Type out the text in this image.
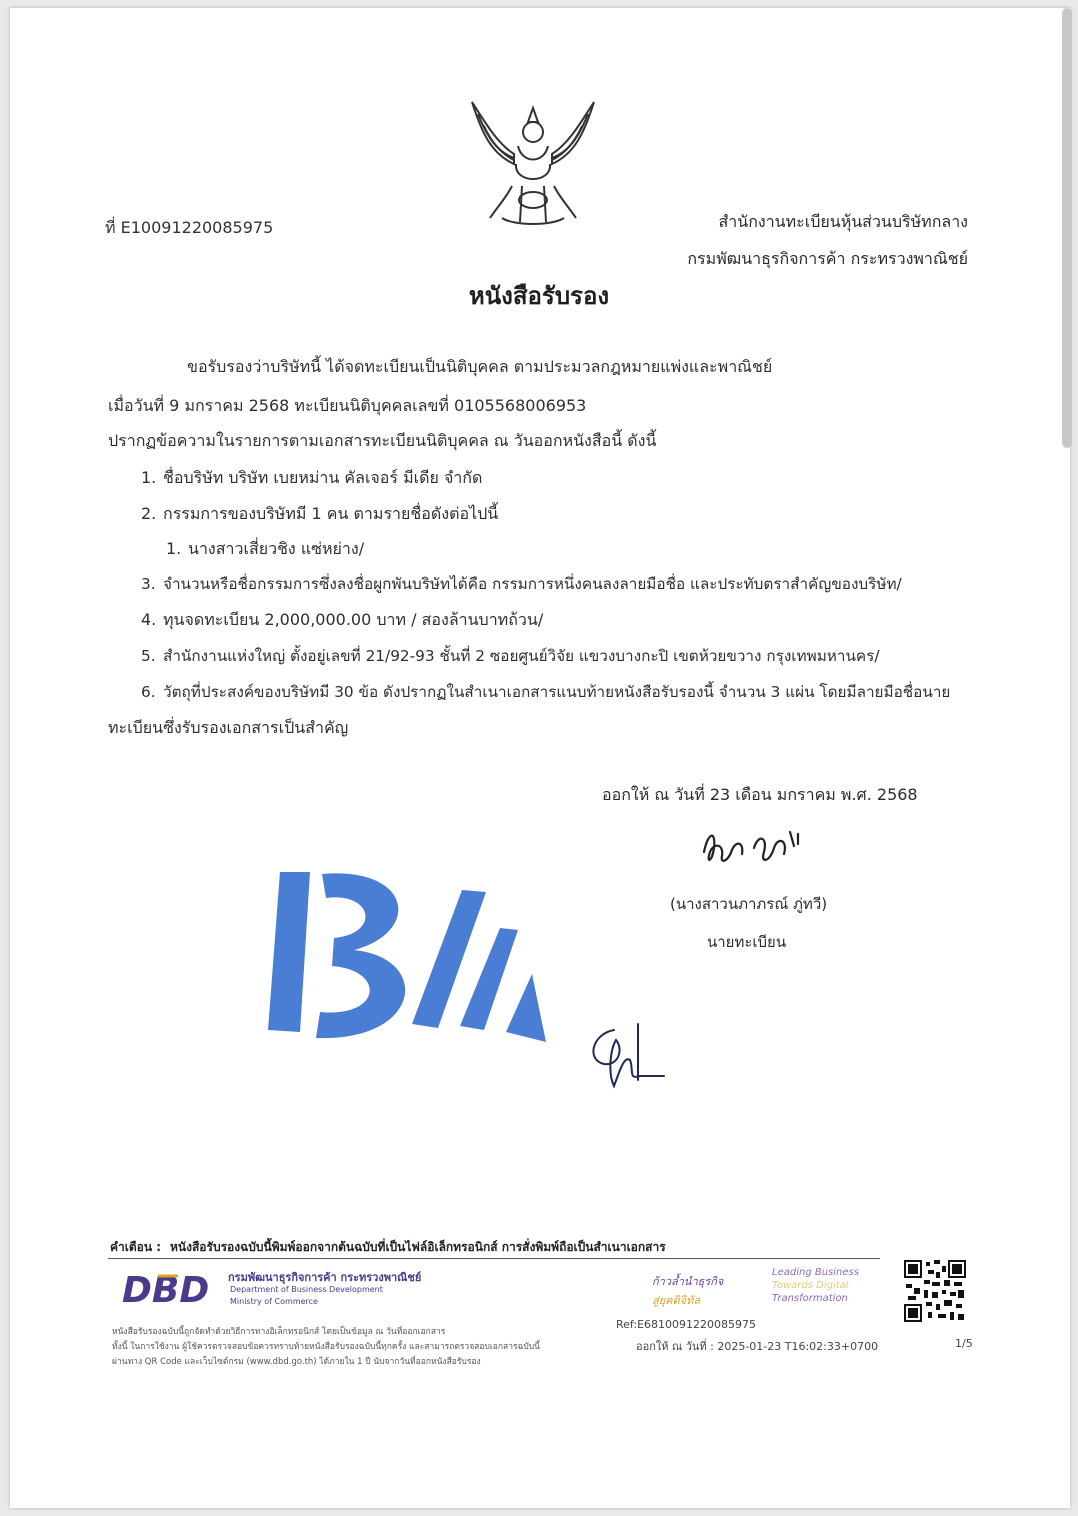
ที่ E10091220085975	สำนักงานทะเบียนหุ้นส่วนบริษัทกลาง
กรมพัฒนาธุรกิจการค้า กระทรวงพาณิชย์
หนังสือรับรอง
ขอรับรองว่าบริษัทนี้ ได้จดทะเบียนเป็นนิติบุคคล ตามประมวลกฎหมายแพ่งและพาณิชย์
เมื่อวันที่ 9 มกราคม 2568 ทะเบียนนิติบุคคลเลขที่ 0105568006953
ปรากฏข้อความในรายการตามเอกสารทะเบียนนิติบุคคล ณ วันออกหนังสือนี้ ดังนี้
1. ชื่อบริษัท บริษัท เบยหม่าน คัลเจอร์ มีเดีย จำกัด
2. กรรมการของบริษัทมี 1 คน ตามรายชื่อดังต่อไปนี้
1. นางสาวเสี่ยวชิง แซ่หย่าง/
3. จำนวนหรือชื่อกรรมการซึ่งลงชื่อผูกพันบริษัทได้คือ กรรมการหนึ่งคนลงลายมือชื่อ และประทับตราสำคัญของบริษัท/
4. ทุนจดทะเบียน 2,000,000.00 บาท / สองล้านบาทถ้วน/
5. สำนักงานแห่งใหญ่ ตั้งอยู่เลขที่ 21/92-93 ชั้นที่ 2 ซอยศูนย์วิจัย แขวงบางกะปิ เขตห้วยขวาง กรุงเทพมหานคร/
6. วัตถุที่ประสงค์ของบริษัทมี 30 ข้อ ดังปรากฏในสำเนาเอกสารแนบท้ายหนังสือรับรองนี้ จำนวน 3 แผ่น โดยมีลายมือชื่อนาย
ทะเบียนซึ่งรับรองเอกสารเป็นสำคัญ
ออกให้ ณ วันที่ 23 เดือน มกราคม พ.ศ. 2568
(นางสาวนภาภรณ์ ภู่ทวี)
นายทะเบียน
คำเตือน : หนังสือรับรองฉบับนี้พิมพ์ออกจากต้นฉบับที่เป็นไฟล์อิเล็กทรอนิกส์ การสั่งพิมพ์ถือเป็นสำเนาเอกสาร
DBD กรมพัฒนาธุรกิจการค้า กระทรวงพาณิชย์
Department of Business Development
Ministry of Commerce
ก้าวล้ำนำธุรกิจ
สู่ยุคดิจิทัล
Leading Business
Towards Digital
Transformation
หนังสือรับรองฉบับนี้ถูกจัดทำด้วยวิธีการทางอิเล็กทรอนิกส์ โดยเป็นข้อมูล ณ วันที่ออกเอกสาร
ทั้งนี้ ในการใช้งาน ผู้ใช้ควรตรวจสอบข้อควรทราบท้ายหนังสือรับรองฉบับนี้ทุกครั้ง และสามารถตรวจสอบเอกสารฉบับนี้
ผ่านทาง QR Code และเว็บไซต์กรม (www.dbd.go.th) ได้ภายใน 1 ปี นับจากวันที่ออกหนังสือรับรอง
Ref:E6810091220085975
ออกให้ ณ วันที่ : 2025-01-23 T16:02:33+0700	1/5
